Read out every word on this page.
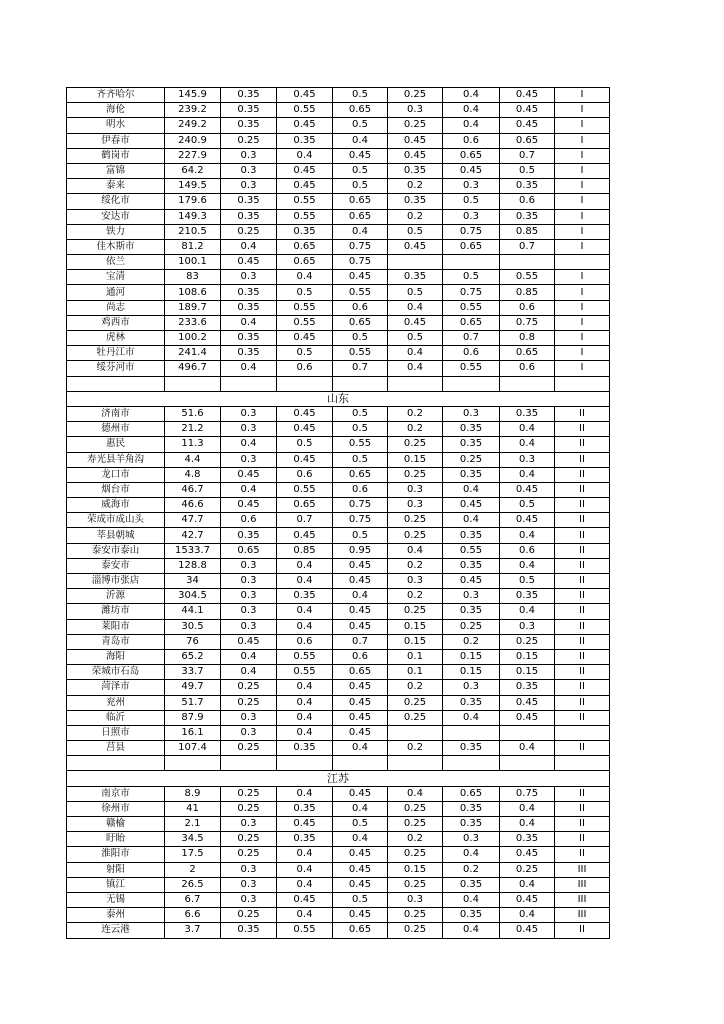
齐齐哈尔	145.9	0.35	0.45	0.5	0.25	0.4	0.45	I
海伦	239.2	0.35	0.55	0.65	0.3	0.4	0.45	I
明水	249.2	0.35	0.45	0.5	0.25	0.4	0.45	I
伊春市	240.9	0.25	0.35	0.4	0.45	0.6	0.65	I
鹤岗市	227.9	0.3	0.4	0.45	0.45	0.65	0.7	I
富锦	64.2	0.3	0.45	0.5	0.35	0.45	0.5	I
泰来	149.5	0.3	0.45	0.5	0.2	0.3	0.35	I
绥化市	179.6	0.35	0.55	0.65	0.35	0.5	0.6	I
安达市	149.3	0.35	0.55	0.65	0.2	0.3	0.35	I
铁力	210.5	0.25	0.35	0.4	0.5	0.75	0.85	I
佳木斯市	81.2	0.4	0.65	0.75	0.45	0.65	0.7	I
依兰	100.1	0.45	0.65	0.75				
宝清	83	0.3	0.4	0.45	0.35	0.5	0.55	I
通河	108.6	0.35	0.5	0.55	0.5	0.75	0.85	I
尚志	189.7	0.35	0.55	0.6	0.4	0.55	0.6	I
鸡西市	233.6	0.4	0.55	0.65	0.45	0.65	0.75	I
虎林	100.2	0.35	0.45	0.5	0.5	0.7	0.8	I
牡丹江市	241.4	0.35	0.5	0.55	0.4	0.6	0.65	I
绥芬河市	496.7	0.4	0.6	0.7	0.4	0.55	0.6	I

山东								
济南市	51.6	0.3	0.45	0.5	0.2	0.3	0.35	II
德州市	21.2	0.3	0.45	0.5	0.2	0.35	0.4	II
惠民	11.3	0.4	0.5	0.55	0.25	0.35	0.4	II
寿光县羊角沟	4.4	0.3	0.45	0.5	0.15	0.25	0.3	II
龙口市	4.8	0.45	0.6	0.65	0.25	0.35	0.4	II
烟台市	46.7	0.4	0.55	0.6	0.3	0.4	0.45	II
威海市	46.6	0.45	0.65	0.75	0.3	0.45	0.5	II
荣成市成山头	47.7	0.6	0.7	0.75	0.25	0.4	0.45	II
莘县朝城	42.7	0.35	0.45	0.5	0.25	0.35	0.4	II
泰安市泰山	1533.7	0.65	0.85	0.95	0.4	0.55	0.6	II
泰安市	128.8	0.3	0.4	0.45	0.2	0.35	0.4	II
淄博市张店	34	0.3	0.4	0.45	0.3	0.45	0.5	II
沂源	304.5	0.3	0.35	0.4	0.2	0.3	0.35	II
潍坊市	44.1	0.3	0.4	0.45	0.25	0.35	0.4	II
莱阳市	30.5	0.3	0.4	0.45	0.15	0.25	0.3	II
青岛市	76	0.45	0.6	0.7	0.15	0.2	0.25	II
海阳	65.2	0.4	0.55	0.6	0.1	0.15	0.15	II
荣城市石岛	33.7	0.4	0.55	0.65	0.1	0.15	0.15	II
菏泽市	49.7	0.25	0.4	0.45	0.2	0.3	0.35	II
兖州	51.7	0.25	0.4	0.45	0.25	0.35	0.45	II
临沂	87.9	0.3	0.4	0.45	0.25	0.4	0.45	II
日照市	16.1	0.3	0.4	0.45				
莒县	107.4	0.25	0.35	0.4	0.2	0.35	0.4	II

江苏								
南京市	8.9	0.25	0.4	0.45	0.4	0.65	0.75	II
徐州市	41	0.25	0.35	0.4	0.25	0.35	0.4	II
赣榆	2.1	0.3	0.45	0.5	0.25	0.35	0.4	II
盱眙	34.5	0.25	0.35	0.4	0.2	0.3	0.35	II
淮阳市	17.5	0.25	0.4	0.45	0.25	0.4	0.45	II
射阳	2	0.3	0.4	0.45	0.15	0.2	0.25	III
镇江	26.5	0.3	0.4	0.45	0.25	0.35	0.4	III
无锡	6.7	0.3	0.45	0.5	0.3	0.4	0.45	III
泰州	6.6	0.25	0.4	0.45	0.25	0.35	0.4	III
连云港	3.7	0.35	0.55	0.65	0.25	0.4	0.45	II
